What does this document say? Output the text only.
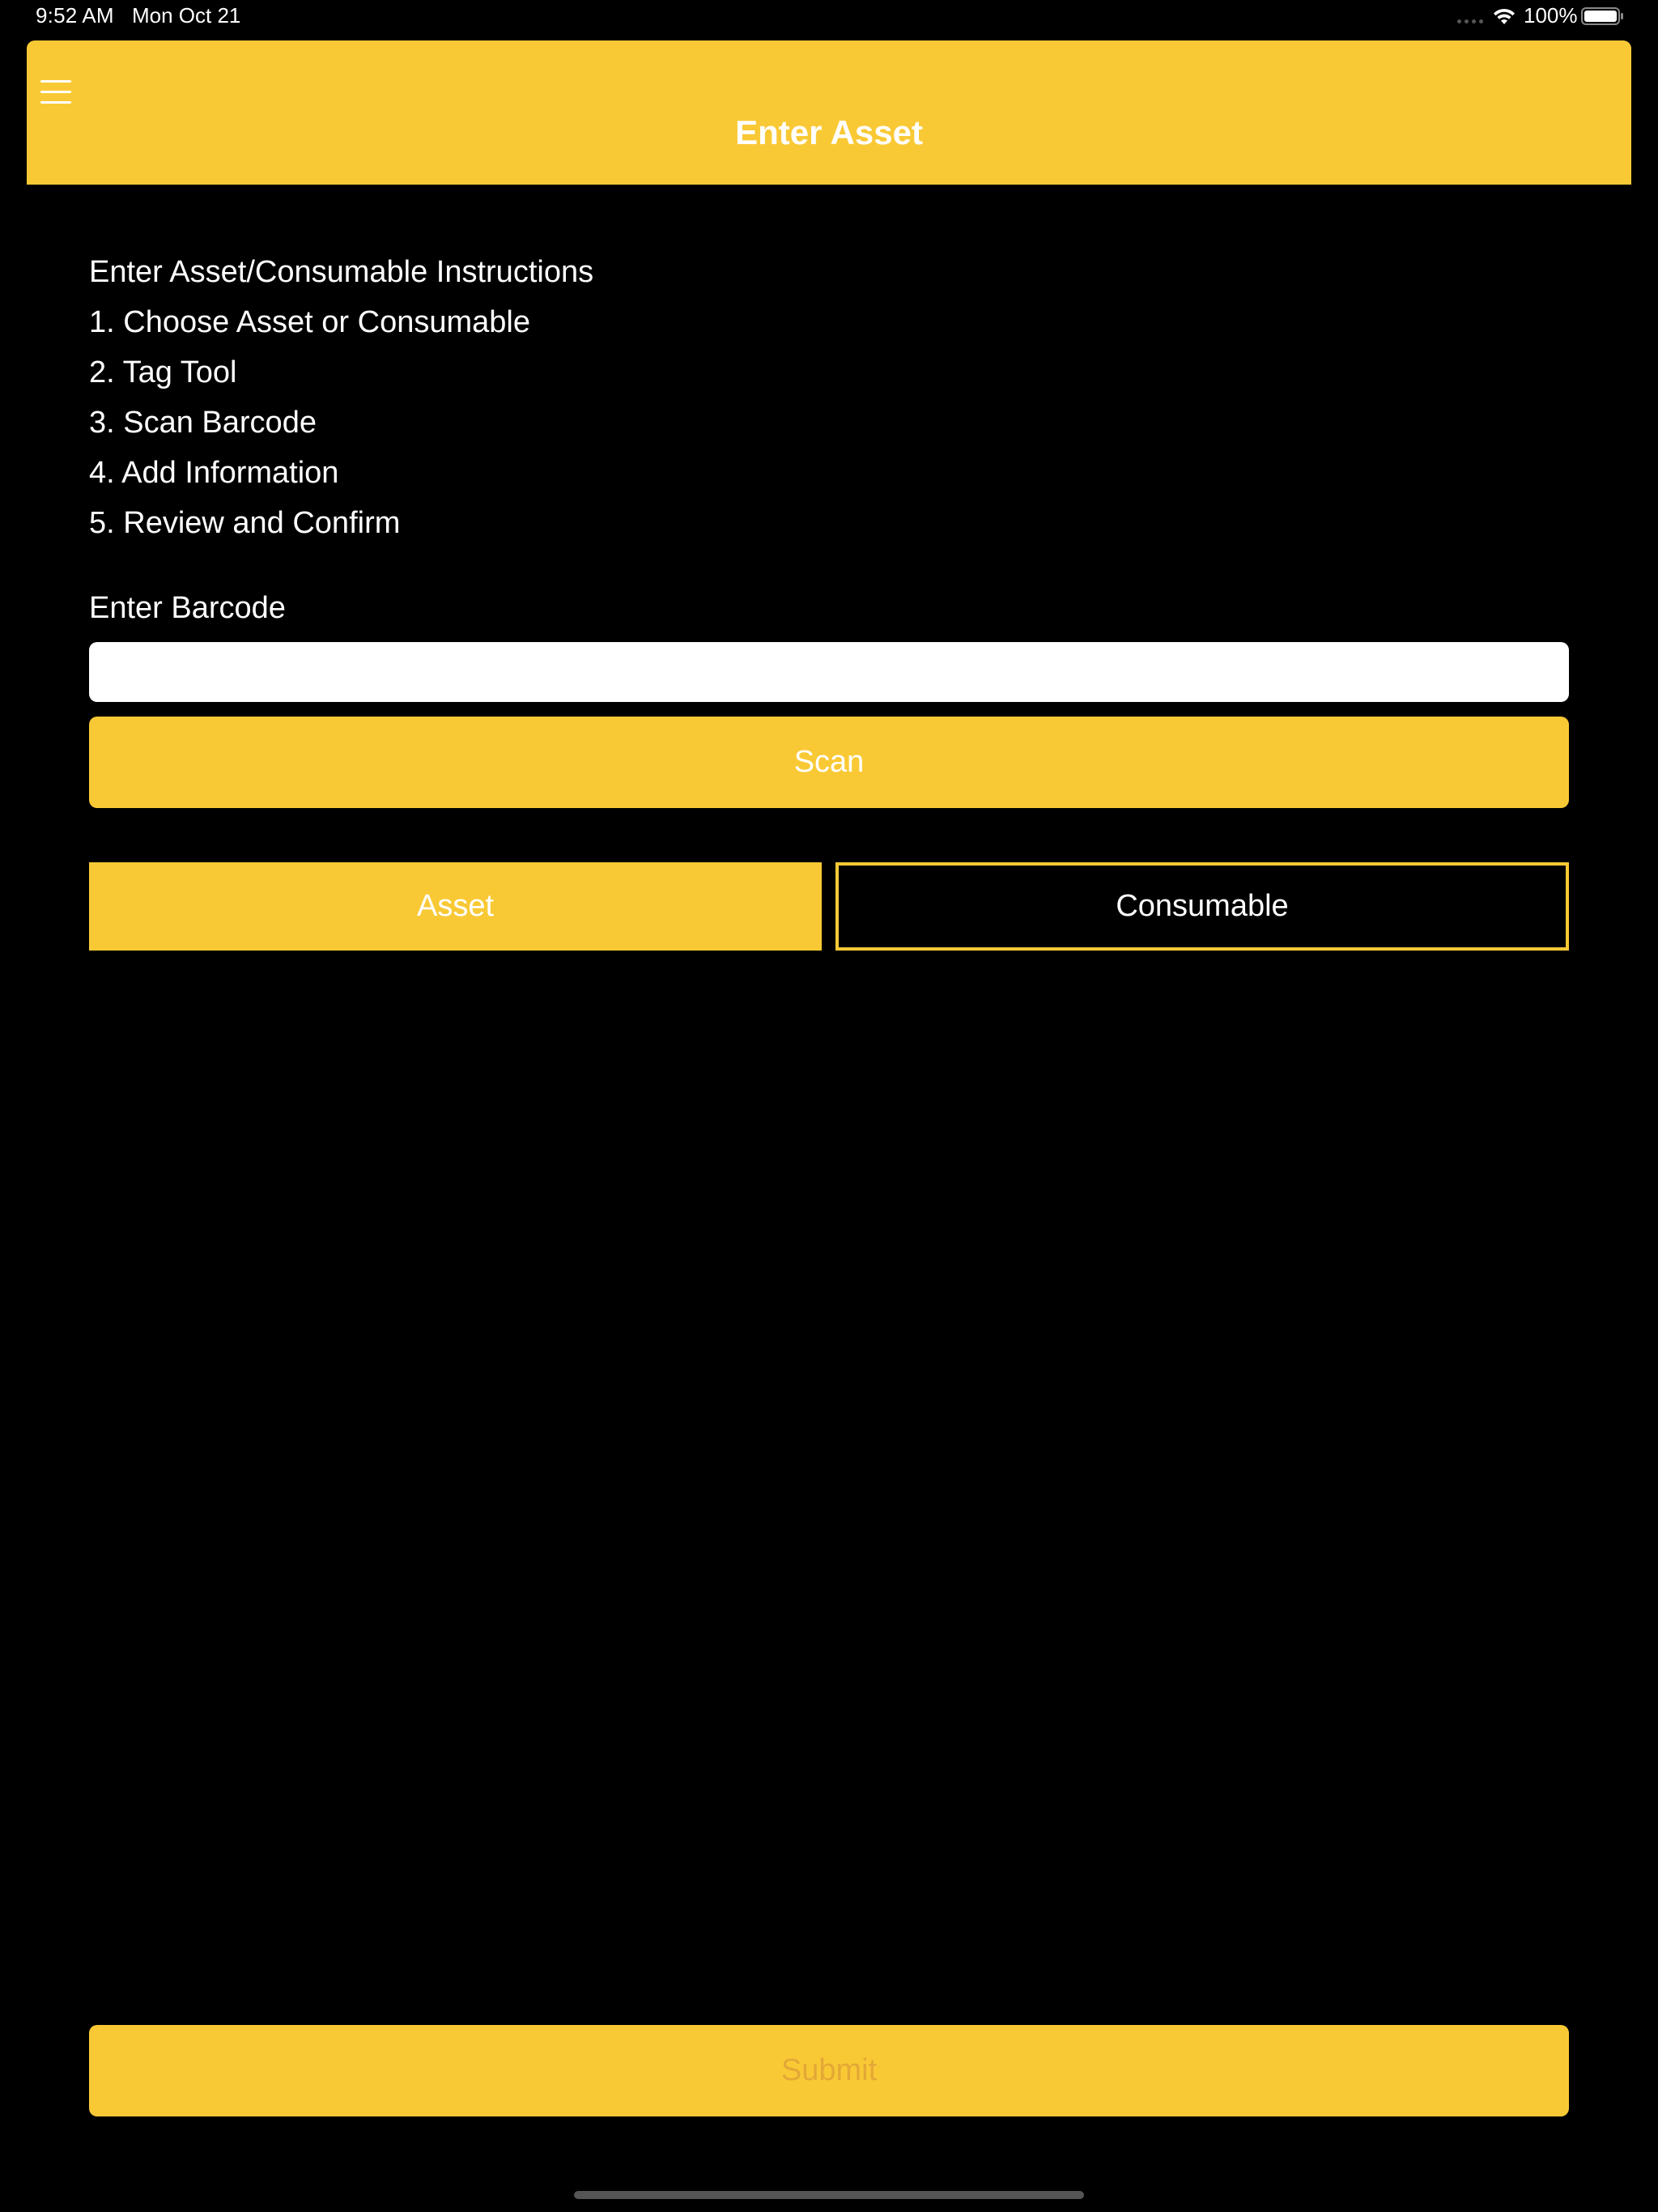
9:52 AM Mon Oct 21	100%
Enter Asset
Enter Asset/Consumable Instructions
1. Choose Asset or Consumable
2. Tag Tool
3. Scan Barcode
4. Add Information
5. Review and Confirm
Enter Barcode
Scan
Asset	Consumable
Submit
